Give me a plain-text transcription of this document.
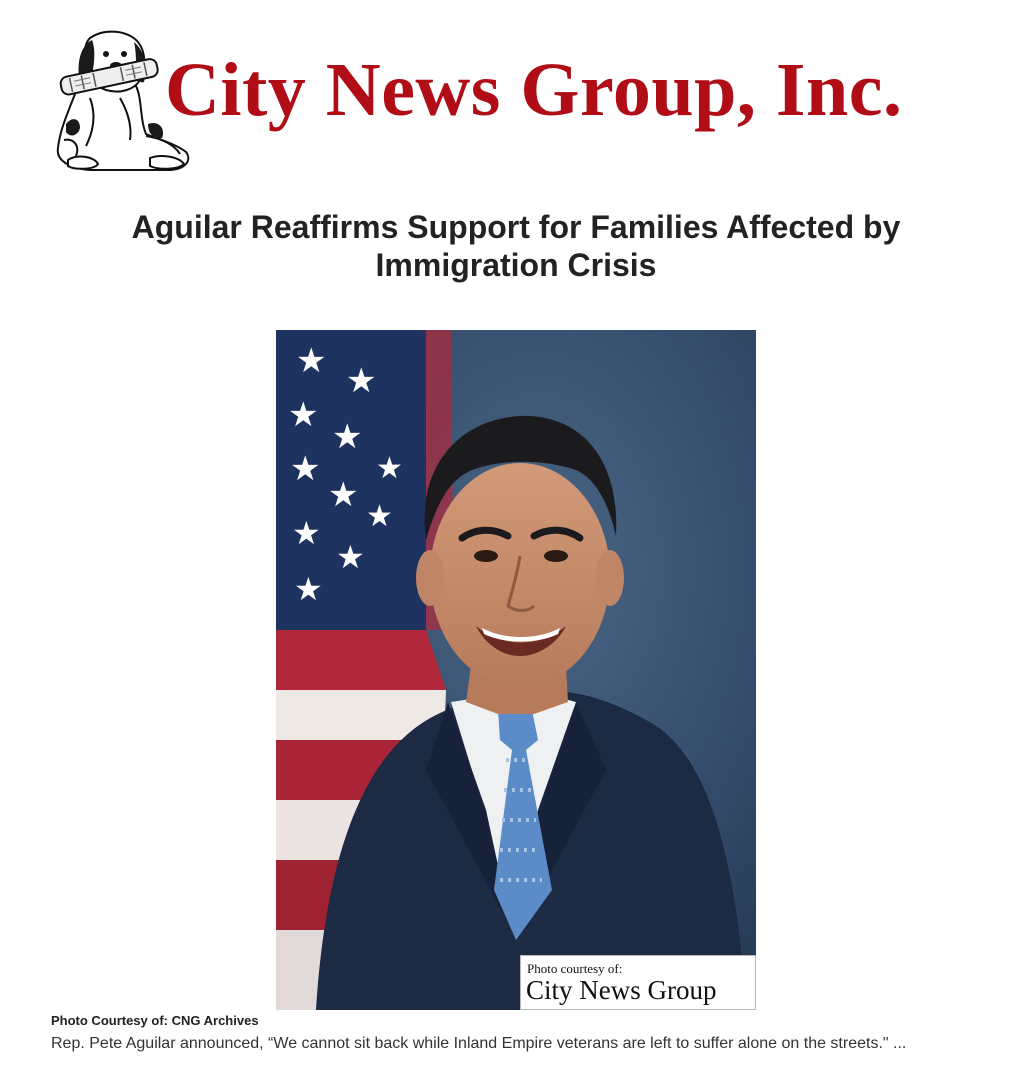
City News Group, Inc.
Aguilar Reaffirms Support for Families Affected by Immigration Crisis
★ ★
★
★
★
★
★
★
★
★
★
Photo courtesy of:
City News Group
Photo Courtesy of: CNG Archives
Rep. Pete Aguilar announced, “We cannot sit back while Inland Empire veterans are left to suffer alone on the streets." ...
